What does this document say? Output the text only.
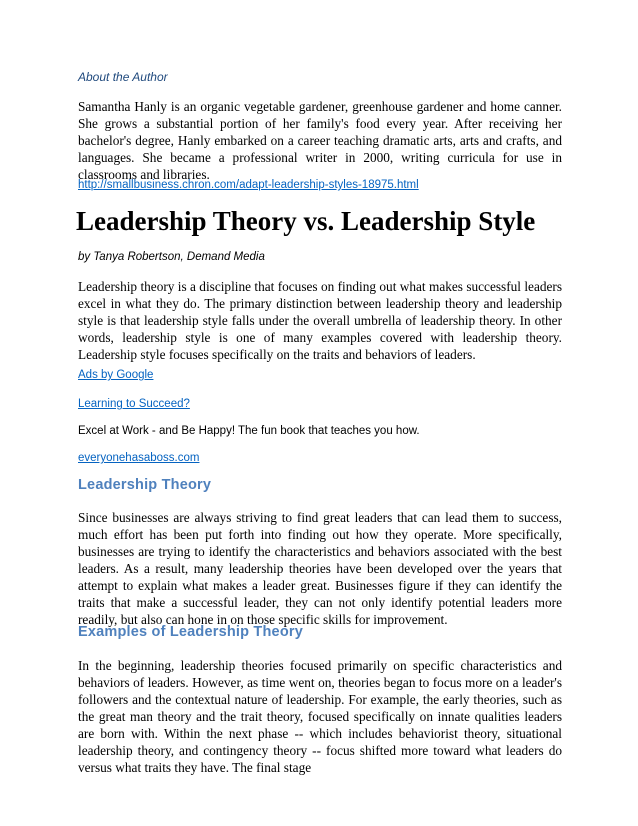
About the Author
Samantha Hanly is an organic vegetable gardener, greenhouse gardener and home canner. She grows a substantial portion of her family's food every year. After receiving her bachelor's degree, Hanly embarked on a career teaching dramatic arts, arts and crafts, and languages. She became a professional writer in 2000, writing curricula for use in classrooms and libraries.
http://smallbusiness.chron.com/adapt-leadership-styles-18975.html
Leadership Theory vs. Leadership Style
by Tanya Robertson, Demand Media
Leadership theory is a discipline that focuses on finding out what makes successful leaders excel in what they do. The primary distinction between leadership theory and leadership style is that leadership style falls under the overall umbrella of leadership theory. In other words, leadership style is one of many examples covered with leadership theory. Leadership style focuses specifically on the traits and behaviors of leaders.
Ads by Google
Learning to Succeed?
Excel at Work - and Be Happy! The fun book that teaches you how.
everyonehasaboss.com
Leadership Theory
Since businesses are always striving to find great leaders that can lead them to success, much effort has been put forth into finding out how they operate. More specifically, businesses are trying to identify the characteristics and behaviors associated with the best leaders. As a result, many leadership theories have been developed over the years that attempt to explain what makes a leader great. Businesses figure if they can identify the traits that make a successful leader, they can not only identify potential leaders more readily, but also can hone in on those specific skills for improvement.
Examples of Leadership Theory
In the beginning, leadership theories focused primarily on specific characteristics and behaviors of leaders. However, as time went on, theories began to focus more on a leader's followers and the contextual nature of leadership. For example, the early theories, such as the great man theory and the trait theory, focused specifically on innate qualities leaders are born with. Within the next phase -- which includes behaviorist theory, situational leadership theory, and contingency theory -- focus shifted more toward what leaders do versus what traits they have. The final stage
